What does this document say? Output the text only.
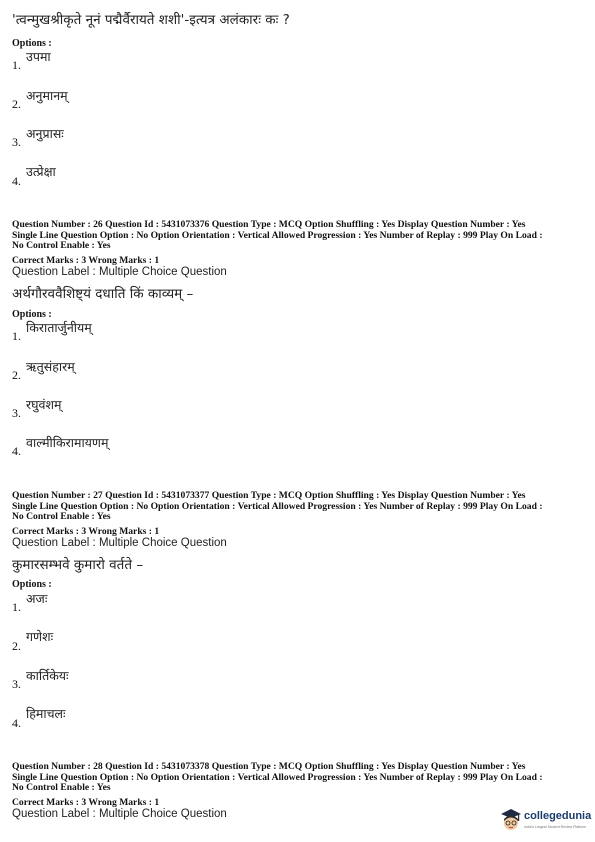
'त्वन्मुखश्रीकृते नूनं पद्मैर्वैरायते शशी'-इत्यत्र अलंकारः कः ?
Options :
1.
उपमा
2.
अनुमानम्
3.
अनुप्रासः
4.
उत्प्रेक्षा
Question Number : 26 Question Id : 5431073376 Question Type : MCQ Option Shuffling : Yes Display Question Number : Yes
Single Line Question Option : No Option Orientation : Vertical Allowed Progression : Yes Number of Replay : 999 Play On Load :
No Control Enable : Yes
Correct Marks : 3 Wrong Marks : 1
Question Label : Multiple Choice Question
अर्थगौरववैशिष्ट्यं दधाति किं काव्यम् –
Options :
1.
किरातार्जुनीयम्
2.
ऋतुसंहारम्
3.
रघुवंशम्
4.
वाल्मीकिरामायणम्
Question Number : 27 Question Id : 5431073377 Question Type : MCQ Option Shuffling : Yes Display Question Number : Yes
Single Line Question Option : No Option Orientation : Vertical Allowed Progression : Yes Number of Replay : 999 Play On Load :
No Control Enable : Yes
Correct Marks : 3 Wrong Marks : 1
Question Label : Multiple Choice Question
कुमारसम्भवे कुमारो वर्तते –
Options :
1.
अजः
2.
गणेशः
3.
कार्तिकेयः
4.
हिमाचलः
Question Number : 28 Question Id : 5431073378 Question Type : MCQ Option Shuffling : Yes Display Question Number : Yes
Single Line Question Option : No Option Orientation : Vertical Allowed Progression : Yes Number of Replay : 999 Play On Load :
No Control Enable : Yes
Correct Marks : 3 Wrong Marks : 1
Question Label : Multiple Choice Question	collegedunia
India's Largest Student Review Platform
